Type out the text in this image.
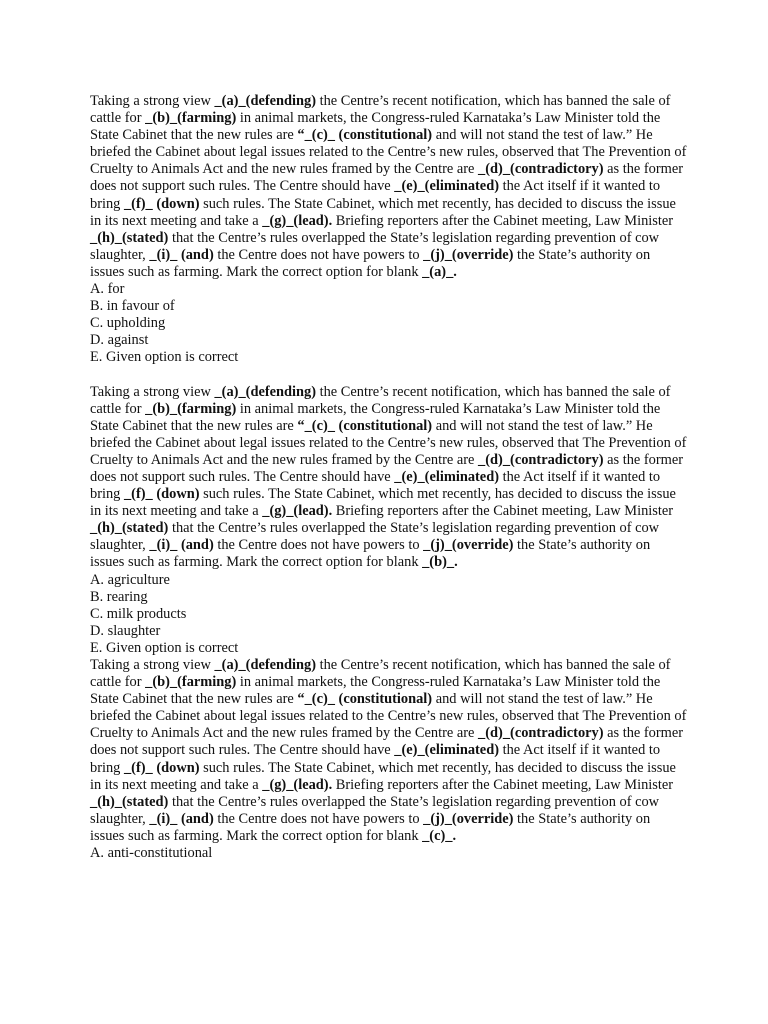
Taking a strong view _(a)_(defending) the Centre’s recent notification, which has banned the sale of cattle for _(b)_(farming) in animal markets, the Congress-ruled Karnataka’s Law Minister told the State Cabinet that the new rules are “_(c)_ (constitutional) and will not stand the test of law.” He briefed the Cabinet about legal issues related to the Centre’s new rules, observed that The Prevention of Cruelty to Animals Act and the new rules framed by the Centre are _(d)_(contradictory) as the former does not support such rules. The Centre should have _(e)_(eliminated) the Act itself if it wanted to bring _(f)_ (down) such rules. The State Cabinet, which met recently, has decided to discuss the issue in its next meeting and take a _(g)_(lead). Briefing reporters after the Cabinet meeting, Law Minister _(h)_(stated) that the Centre’s rules overlapped the State’s legislation regarding prevention of cow slaughter, _(i)_ (and) the Centre does not have powers to _(j)_(override) the State’s authority on issues such as farming. Mark the correct option for blank _(a)_.

A. for
B. in favour of
C. upholding
D. against
E. Given option is correct

Taking a strong view _(a)_(defending) the Centre’s recent notification, which has banned the sale of cattle for _(b)_(farming) in animal markets, the Congress-ruled Karnataka’s Law Minister told the State Cabinet that the new rules are “_(c)_ (constitutional) and will not stand the test of law.” He briefed the Cabinet about legal issues related to the Centre’s new rules, observed that The Prevention of Cruelty to Animals Act and the new rules framed by the Centre are _(d)_(contradictory) as the former does not support such rules. The Centre should have _(e)_(eliminated) the Act itself if it wanted to bring _(f)_ (down) such rules. The State Cabinet, which met recently, has decided to discuss the issue in its next meeting and take a _(g)_(lead). Briefing reporters after the Cabinet meeting, Law Minister _(h)_(stated) that the Centre’s rules overlapped the State’s legislation regarding prevention of cow slaughter, _(i)_ (and) the Centre does not have powers to _(j)_(override) the State’s authority on issues such as farming. Mark the correct option for blank _(b)_.

A. agriculture
B. rearing
C. milk products
D. slaughter
E. Given option is correct

Taking a strong view _(a)_(defending) the Centre’s recent notification, which has banned the sale of cattle for _(b)_(farming) in animal markets, the Congress-ruled Karnataka’s Law Minister told the State Cabinet that the new rules are “_(c)_ (constitutional) and will not stand the test of law.” He briefed the Cabinet about legal issues related to the Centre’s new rules, observed that The Prevention of Cruelty to Animals Act and the new rules framed by the Centre are _(d)_(contradictory) as the former does not support such rules. The Centre should have _(e)_(eliminated) the Act itself if it wanted to bring _(f)_ (down) such rules. The State Cabinet, which met recently, has decided to discuss the issue in its next meeting and take a _(g)_(lead). Briefing reporters after the Cabinet meeting, Law Minister _(h)_(stated) that the Centre’s rules overlapped the State’s legislation regarding prevention of cow slaughter, _(i)_ (and) the Centre does not have powers to _(j)_(override) the State’s authority on issues such as farming. Mark the correct option for blank _(c)_.

A. anti-constitutional
